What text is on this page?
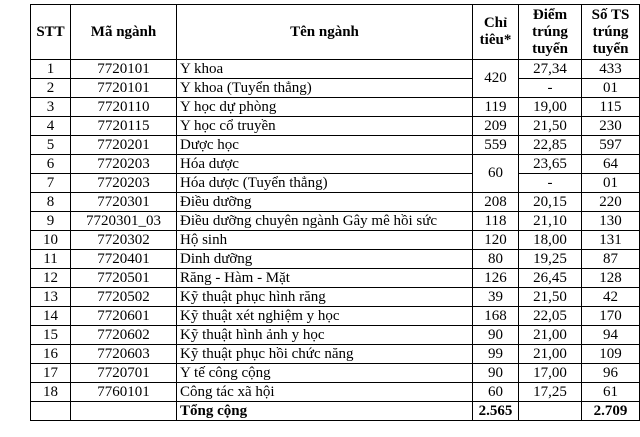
STT	Mã ngành	Tên ngành	Chỉ tiêu*	Điểm trúng tuyển	Số TS trúng tuyển
1	7720101	Y khoa	420	27,34	433
2	7720101	Y khoa (Tuyển thẳng)		-	01
3	7720110	Y học dự phòng	119	19,00	115
4	7720115	Y học cổ truyền	209	21,50	230
5	7720201	Dược học	559	22,85	597
6	7720203	Hóa dược	60	23,65	64
7	7720203	Hóa dược (Tuyển thẳng)		-	01
8	7720301	Điều dưỡng	208	20,15	220
9	7720301_03	Điều dưỡng chuyên ngành Gây mê hồi sức	118	21,10	130
10	7720302	Hộ sinh	120	18,00	131
11	7720401	Dinh dưỡng	80	19,25	87
12	7720501	Răng - Hàm - Mặt	126	26,45	128
13	7720502	Kỹ thuật phục hình răng	39	21,50	42
14	7720601	Kỹ thuật xét nghiệm y học	168	22,05	170
15	7720602	Kỹ thuật hình ảnh y học	90	21,00	94
16	7720603	Kỹ thuật phục hồi chức năng	99	21,00	109
17	7720701	Y tế công cộng	90	17,00	96
18	7760101	Công tác xã hội	60	17,25	61
		Tổng cộng	2.565		2.709
